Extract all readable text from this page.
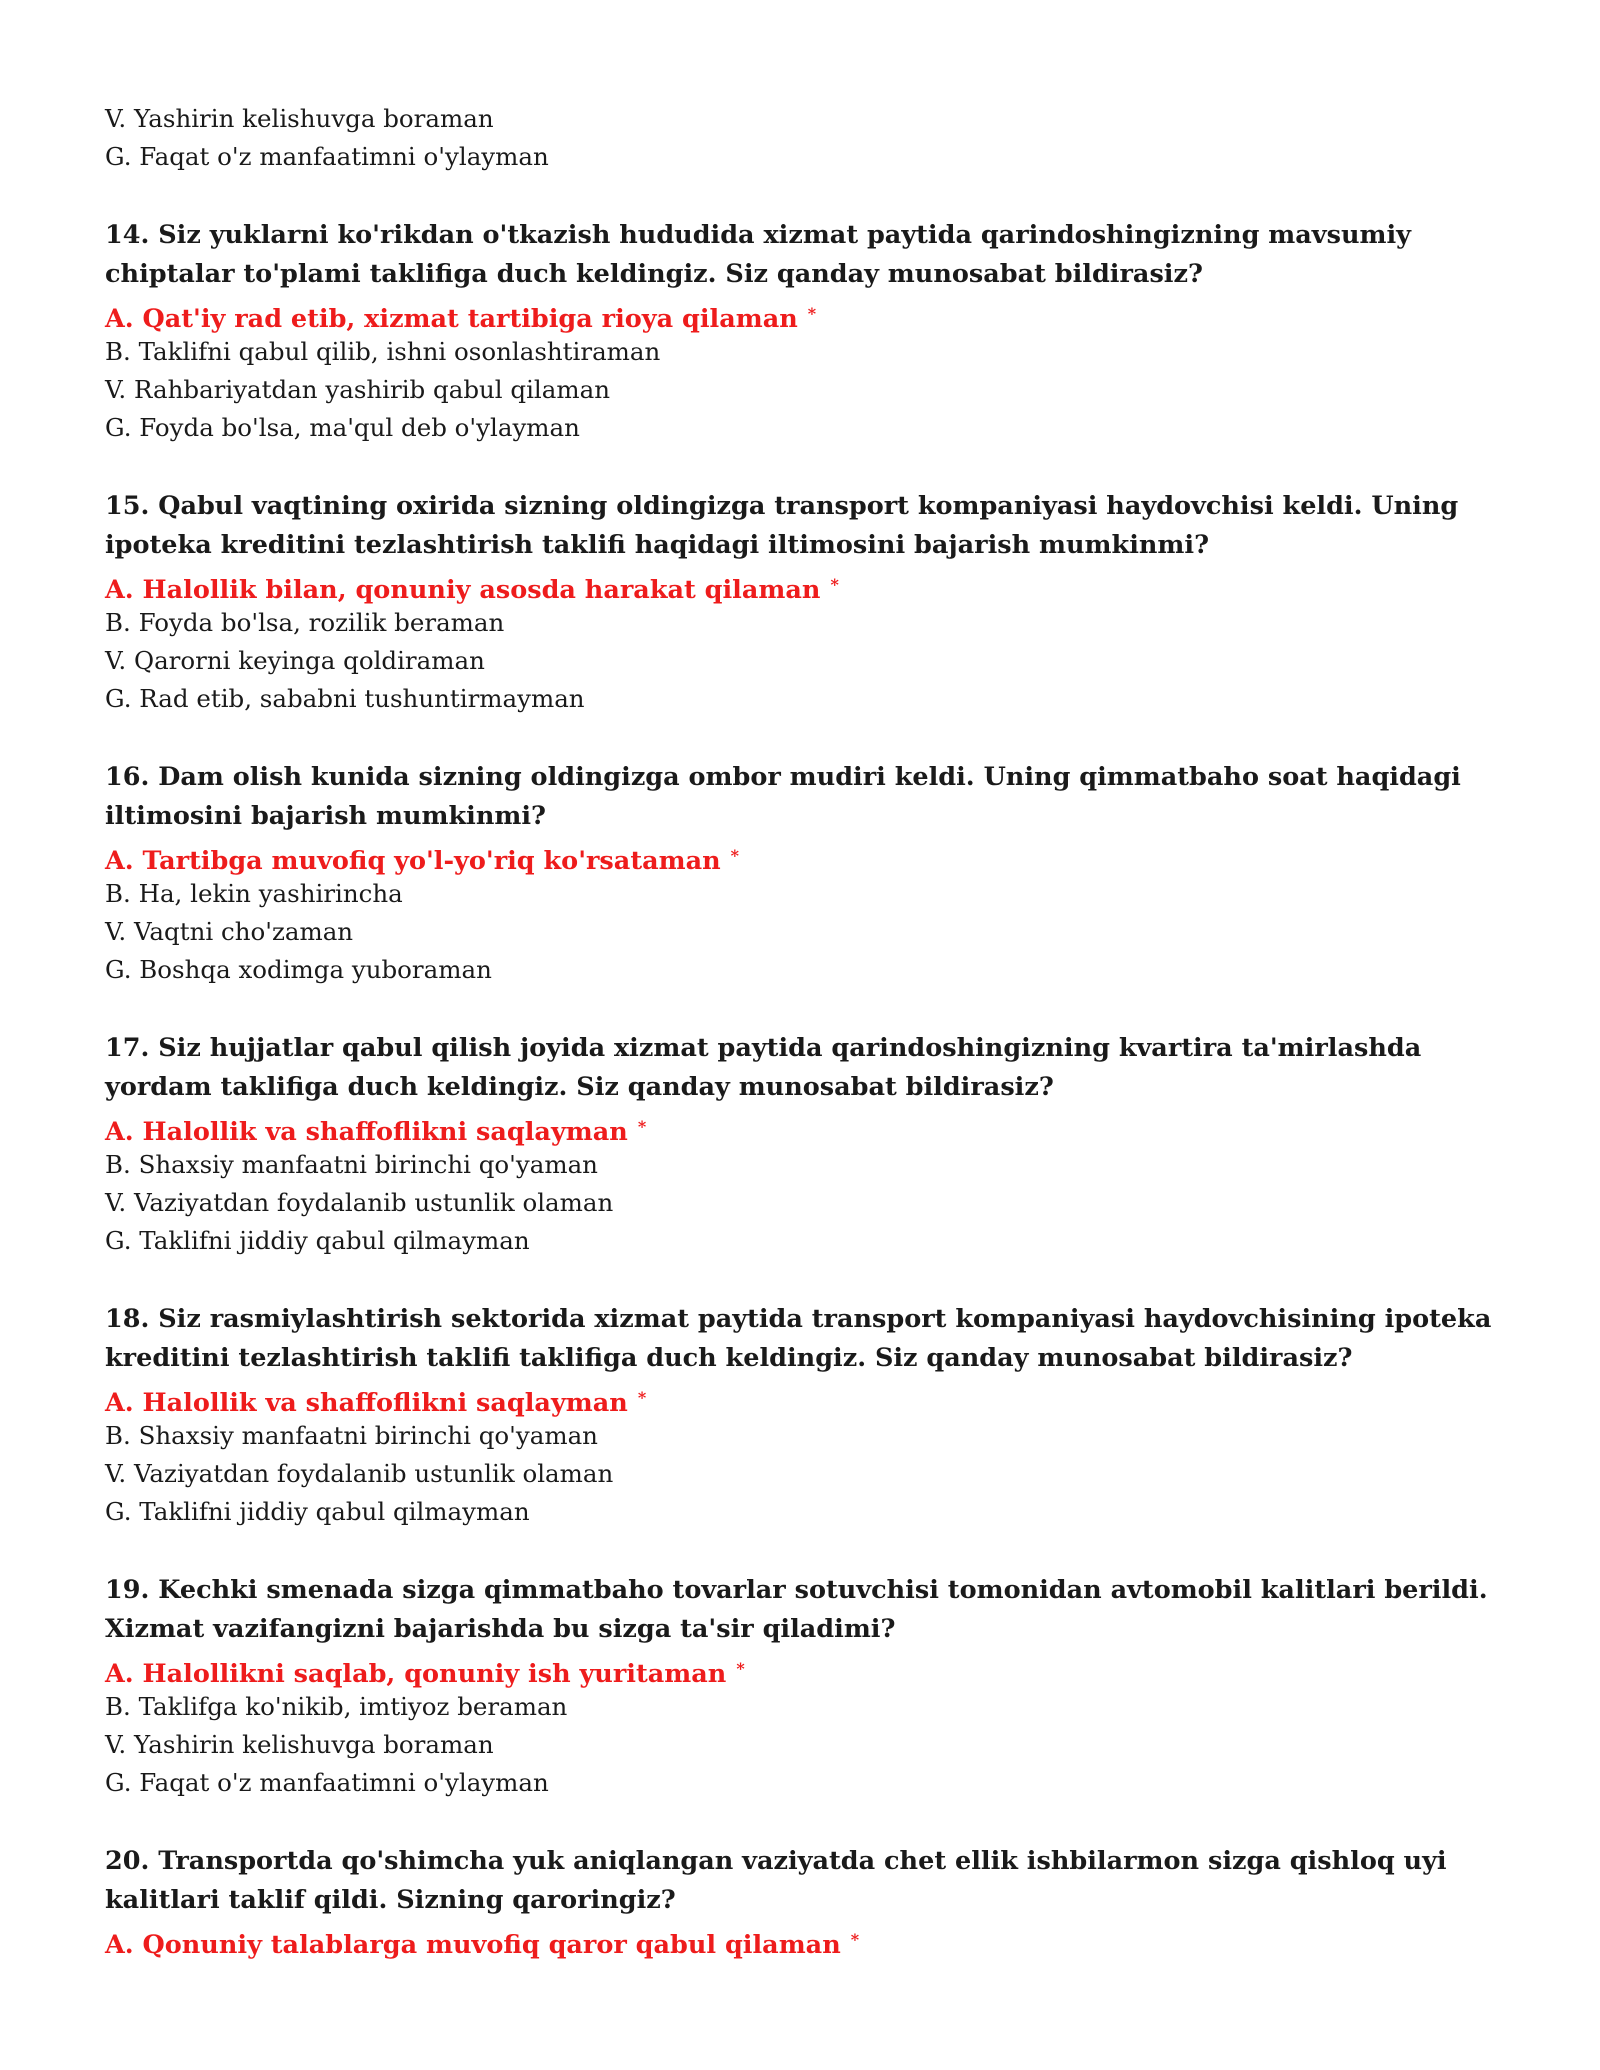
V. Yashirin kelishuvga boraman
G. Faqat o'z manfaatimni o'ylayman
14. Siz yuklarni ko'rikdan o'tkazish hududida xizmat paytida qarindoshingizning mavsumiy chiptalar to'plami taklifiga duch keldingiz. Siz qanday munosabat bildirasiz?
A. Qat'iy rad etib, xizmat tartibiga rioya qilaman *
B. Taklifni qabul qilib, ishni osonlashtiraman
V. Rahbariyatdan yashirib qabul qilaman
G. Foyda bo'lsa, ma'qul deb o'ylayman
15. Qabul vaqtining oxirida sizning oldingizga transport kompaniyasi haydovchisi keldi. Uning ipoteka kreditini tezlashtirish taklifi haqidagi iltimosini bajarish mumkinmi?
A. Halollik bilan, qonuniy asosda harakat qilaman *
B. Foyda bo'lsa, rozilik beraman
V. Qarorni keyinga qoldiraman
G. Rad etib, sababni tushuntirmayman
16. Dam olish kunida sizning oldingizga ombor mudiri keldi. Uning qimmatbaho soat haqidagi iltimosini bajarish mumkinmi?
A. Tartibga muvofiq yo'l-yo'riq ko'rsataman *
B. Ha, lekin yashirincha
V. Vaqtni cho'zaman
G. Boshqa xodimga yuboraman
17. Siz hujjatlar qabul qilish joyida xizmat paytida qarindoshingizning kvartira ta'mirlashda yordam taklifiga duch keldingiz. Siz qanday munosabat bildirasiz?
A. Halollik va shaffoflikni saqlayman *
B. Shaxsiy manfaatni birinchi qo'yaman
V. Vaziyatdan foydalanib ustunlik olaman
G. Taklifni jiddiy qabul qilmayman
18. Siz rasmiylashtirish sektorida xizmat paytida transport kompaniyasi haydovchisining ipoteka kreditini tezlashtirish taklifi taklifiga duch keldingiz. Siz qanday munosabat bildirasiz?
A. Halollik va shaffoflikni saqlayman *
B. Shaxsiy manfaatni birinchi qo'yaman
V. Vaziyatdan foydalanib ustunlik olaman
G. Taklifni jiddiy qabul qilmayman
19. Kechki smenada sizga qimmatbaho tovarlar sotuvchisi tomonidan avtomobil kalitlari berildi. Xizmat vazifangizni bajarishda bu sizga ta'sir qiladimi?
A. Halollikni saqlab, qonuniy ish yuritaman *
B. Taklifga ko'nikib, imtiyoz beraman
V. Yashirin kelishuvga boraman
G. Faqat o'z manfaatimni o'ylayman
20. Transportda qo'shimcha yuk aniqlangan vaziyatda chet ellik ishbilarmon sizga qishloq uyi kalitlari taklif qildi. Sizning qaroringiz?
A. Qonuniy talablarga muvofiq qaror qabul qilaman *
